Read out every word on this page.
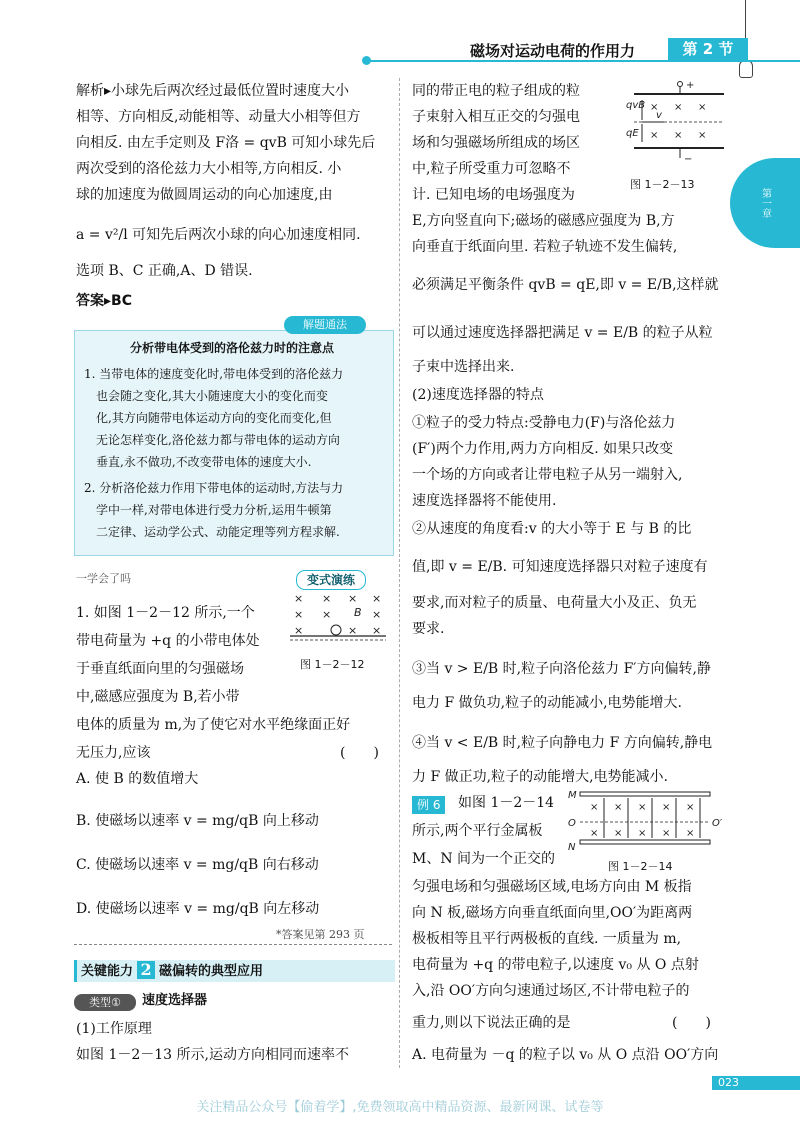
磁场对运动电荷的作用力	第 2 节
第一章
解析▸小球先后两次经过最低位置时速度大小
相等、方向相反,动能相等、动量大小相等但方
向相反. 由左手定则及 F洛 = qvB 可知小球先后
两次受到的洛伦兹力大小相等,方向相反. 小
球的加速度为做圆周运动的向心加速度,由
a = v²/l 可知先后两次小球的向心加速度相同.
选项 B、C 正确,A、D 错误.
答案▸BC
解题通法
分析带电体受到的洛伦兹力时的注意点
1. 当带电体的速度变化时,带电体受到的洛伦兹力
也会随之变化,其大小随速度大小的变化而变
化,其方向随带电体运动方向的变化而变化,但
无论怎样变化,洛伦兹力都与带电体的运动方向
垂直,永不做功,不改变带电体的速度大小.
2. 分析洛伦兹力作用下带电体的运动时,方法与力
学中一样,对带电体进行受力分析,运用牛顿第
二定律、运动学公式、动能定理等列方程求解.
一学会了吗	变式演练
× × × ×
× ×	×
×	× ×
B
图 1－2－12
1. 如图 1－2－12 所示,一个
带电荷量为 +q 的小带电体处
于垂直纸面向里的匀强磁场
中,磁感应强度为 B,若小带
电体的质量为 m,为了使它对水平绝缘面正好
无压力,应该	(　　)
A. 使 B 的数值增大
B. 使磁场以速率 v = mg/qB 向上移动
C. 使磁场以速率 v = mg/qB 向右移动
D. 使磁场以速率 v = mg/qB 向左移动
*答案见第 293 页
关键能力 2 磁偏转的典型应用
类型①	速度选择器
(1)工作原理
如图 1－2－13 所示,运动方向相同而速率不
+
−
× × ×
× × ×
qvB
qE
v
图 1－2－13
同的带正电的粒子组成的粒
子束射入相互正交的匀强电
场和匀强磁场所组成的场区
中,粒子所受重力可忽略不
计. 已知电场的电场强度为
E,方向竖直向下;磁场的磁感应强度为 B,方
向垂直于纸面向里. 若粒子轨迹不发生偏转,
必须满足平衡条件 qvB = qE,即 v = E/B,这样就
可以通过速度选择器把满足 v = E/B 的粒子从粒
子束中选择出来.
(2)速度选择器的特点
①粒子的受力特点:受静电力(F)与洛伦兹力
(F′)两个力作用,两力方向相反. 如果只改变
一个场的方向或者让带电粒子从另一端射入,
速度选择器将不能使用.
②从速度的角度看:v 的大小等于 E 与 B 的比
值,即 v = E/B. 可知速度选择器只对粒子速度有
要求,而对粒子的质量、电荷量大小及正、负无
要求.
③当 v > E/B 时,粒子向洛伦兹力 F′方向偏转,静
电力 F 做负功,粒子的动能减小,电势能增大.
④当 v < E/B 时,粒子向静电力 F 方向偏转,静电
力 F 做正功,粒子的动能增大,电势能减小.
例 6	如图 1－2－14
所示,两个平行金属板
M、N 间为一个正交的
M
O
N
O′
× × × × ×
× × × × ×
图 1－2－14
匀强电场和匀强磁场区域,电场方向由 M 板指
向 N 板,磁场方向垂直纸面向里,OO′为距离两
极板相等且平行两极板的直线. 一质量为 m,
电荷量为 +q 的带电粒子,以速度 v₀ 从 O 点射
入,沿 OO′方向匀速通过场区,不计带电粒子的
重力,则以下说法正确的是	(　　)
A. 电荷量为 －q 的粒子以 v₀ 从 O 点沿 OO′方向
023
关注精品公众号【偷着学】,免费领取高中精品资源、最新网课、试卷等
